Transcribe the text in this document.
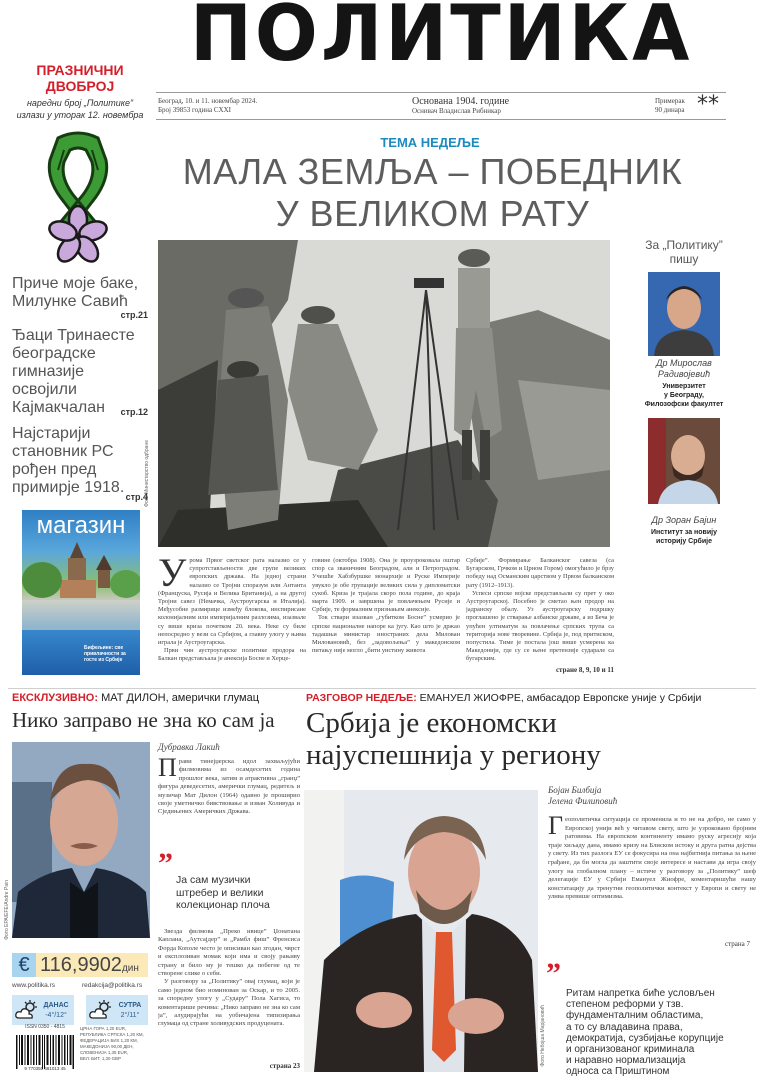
ПОЛИТИКА
Београд, 10. и 11. новембар 2024.
Број 39853 година CXXI
Основана 1904. године
Оснивач Владислав Рибникар
Примерак
90 динара **
ПРАЗНИЧНИ
ДВОБРОЈ
наредни број „Политике”
излази у уторак 12. новембра
ТЕМА НЕДЕЉЕ
МАЛА ЗЕМЉА – ПОБЕДНИК
У ВЕЛИКОМ РАТУ
Приче моје баке,
Милунке Савић
стр.21
Ђаци Тринаесте
београдске
гимназије
освојили
Кајмакчалан	стр.12
Најстарији
становник РС
рођен пред
примирје 1918.
стр.4
Фото Министарство одбране
За „Политику”
пишу
Др Мирослав
Радивојевић
Универзитет
у Београду,
Филозофски факултет
Др Зоран Бајин
Институт за новију
историју Србије
магазин
Бифељине: све привлачности за госте из Србије
У рома Првог светског рата налазио се у супротстављености две групе великих европских држава. На једној страни налазио се Тројни споразум или Антанта (Француска, Русија и Велика Британија), а на другој Тројни савез (Немачка, Аустроугарска и Италија). Међусобне размирице између блокова, инспирисане колонијалним или империјалним разлозима, изазвале су више криза почетком 20. века. Неке су биле непосредно у вези са Србијом, а главну улогу у њима играла је Аустроугарска.
Први чин аустроугарске политике продора на Балкан представљала је анексија Босне и Херце-
говине (октобра 1908). Она је проузроковала оштар спор са званичним Београдом, али и Петроградом. Учешће Хабзбуршке монархије и Руске Империје увукло је обе групације великих сила у дипломатски сукоб. Криза је трајала скоро пола године, до краја марта 1909. и завршена је повлачењем Русије и Србије, те формалним признањем анексије.
Ток ствари изазван „губитком Босне” усмерио је српске националне напоре ка југу. Као што је држао тадашњи министар иностраних дела Милован Миловановић, без „задовољења” у македонском питању није могло „бити уистину живота
Србије”. Формирање Балканског савеза (са Бугарском, Грчком и Црном Гором) омогућило је брзу победу над Османским царством у Првом балканском рату (1912–1913).
Успеси српске војске представљали су прет у око Аустроугарској. Посебно је сметао њен продор на јадранску обалу. Уз аустроугарску подршку проглашено је стварање албанске државе, а из Беча је упућен ултиматум за повлачење српских трупа са територија нове творевине. Србија је, под притиском, попустила. Тиме је постала још више усмерена ка Македонији, где су се њене претензије сударале са бугарским.
стране 8, 9, 10 и 11
ЕКСКЛУЗИВНО: МАТ ДИЛОН, амерички глумац
Нико заправо не зна ко сам ја
Фото EPA/EFE/Andre Pain
Дубравка Лакић
П рави тинејџерска идол захваљујући филмовима из осамдесетих година прошлог века, затим и атрактивна „гранџ” фигура деведесетих, амерички глумац, редитељ и музичар Мат Дилон (1964) одавно је проширио своје уметничко бивствовање и изван Холивуда и Сједињених Америчких Држава.
” Ја сам музички
штребер и велики
колекционар плоча
Звезда филмова „Преко ивице” Џонатана Каплана, „Аутсајдер” и „Рамбл фиш” Френсиса Форда Кополе често је описиван као згодан, чврст и експлозиван момак који има и своју рањиву страну и било му је тешко да побегне од те створене слике о себи.
У разговору за „Политику” овај глумац, који је само једном био номинован за Оскар, и то 2005. за споредну улогу у „Судару” Пола Хагиса, то коментарише речима: „Нико заправо не зна ко сам ја”, алудирајући на уобичајена типизирања глумаца од стране холивудских продуцената.
страна 23
РАЗГОВОР НЕДЕЉЕ: ЕМАНУЕЛ ЖИОФРЕ, амбасадор Европске уније у Србији
Србија је економски
најуспешнија у региону
Фото Небојша Марјановић
Бојан Билбија
Јелена Филиповић
Г еополитичка ситуација се променила и то не на добро, не само у Европској унији већ у читавом свету, што је узроковано бројним ратовима. На европском континенту имамо руску агресију која траје хиљаду дана, имамо кризу на Блиском истоку и друга ратна дејства у свету. Из тих разлога ЕУ се фокусира на она најбитнија питања за њене грађане, да би могла да заштити своје интересе и настави да игра своју улогу на глобалном плану – истиче у разговору за „Политику” шеф делегације ЕУ у Србији Емануел Жиофре, коментаришући нашу констатацију да тренутни геополитички контекст у Европи и свету не улива превише оптимизма.
страна 7
”
Ритам напретка биће условљен
степеном реформи у тзв.
фундаменталним областима,
а то су владавина права,
демократија, сузбијање корупције
и организованог криминала
и наравно нормализација
односа са Приштином
€ 116,9902дин
www.politika.rs	redakcija@politika.rs
ДАНАС
-4°/12°
СУТРА
2°/11°
ISSN 0350 - 4815
9 770350 481013 45
ЦРНА ГОРА 1,20 EUR,
РЕПУБЛИКА СРПСКА 1,20 КМ,
ФЕДЕРАЦИЈА БИХ 1,20 КМ,
МАКЕДОНИЈА 90,00 ДЕН,
СЛОВЕНИЈА 1,35 EUR,
ВЕЛ. БИТ. 1,30 GBP
